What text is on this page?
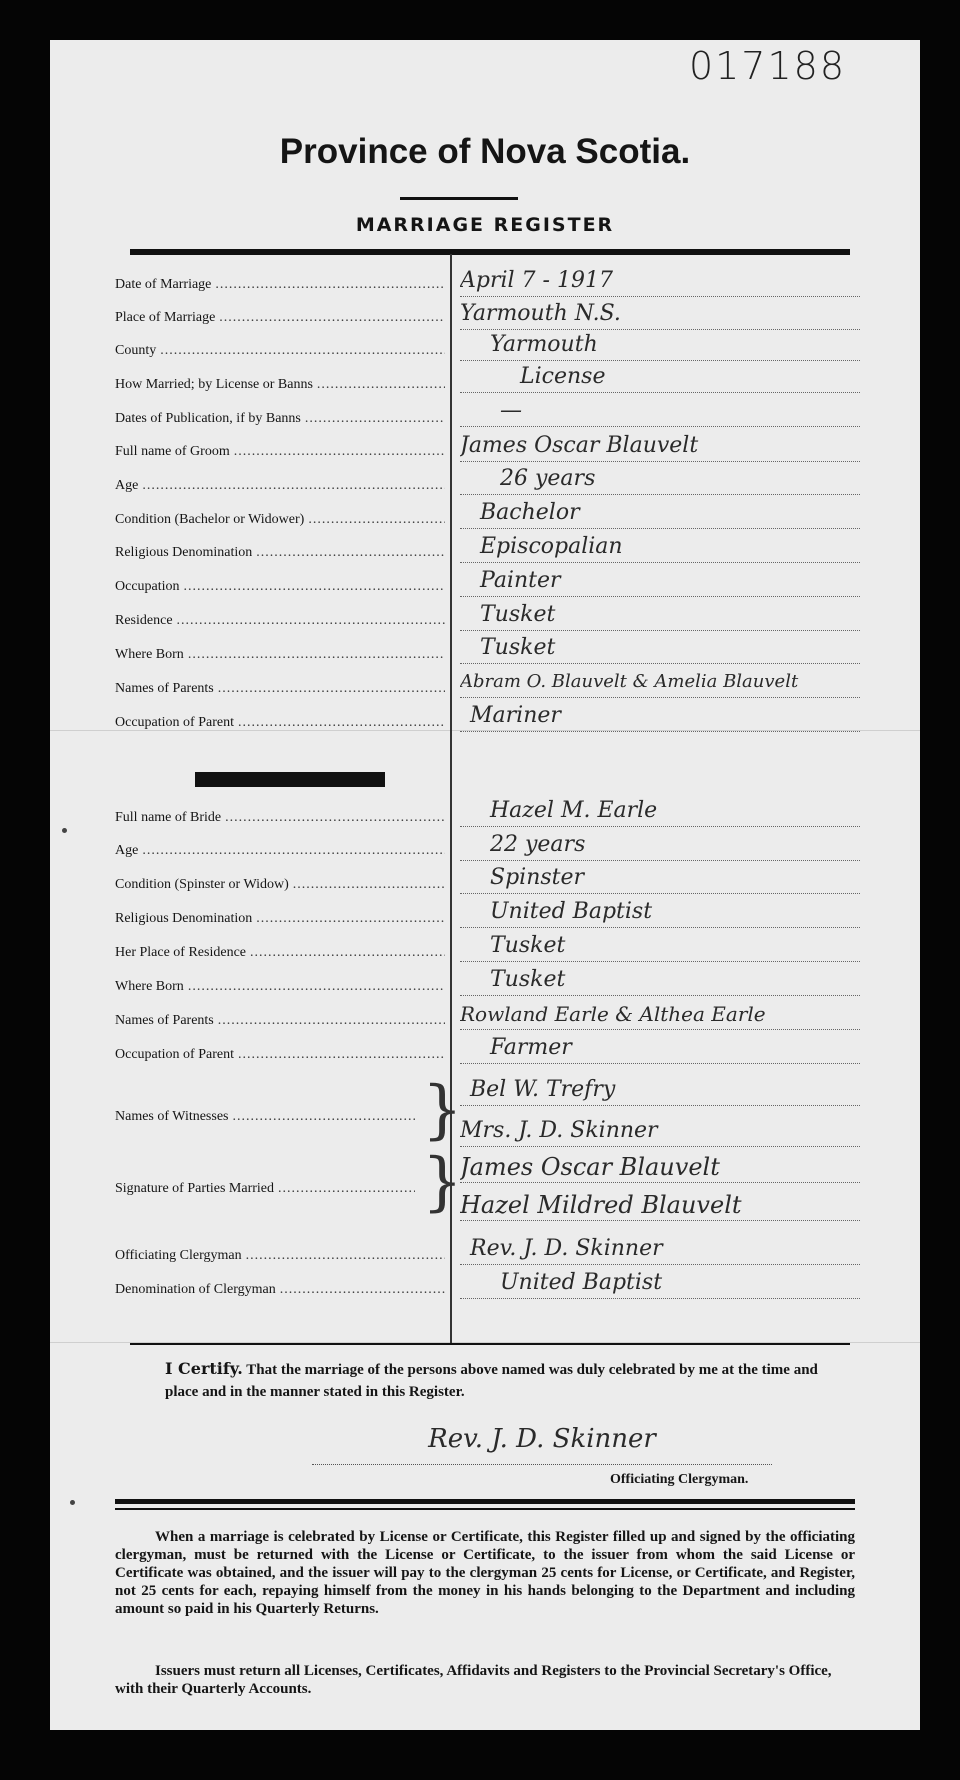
017188
Province of Nova Scotia.
MARRIAGE REGISTER
Date of Marriage .....	April 7 - 1917
Place of Marriage .....	Yarmouth N.S.
County .....	Yarmouth
How Married; by License or Banns .....	License
Dates of Publication, if by Banns .....	—
Full name of Groom .....	James Oscar Blauvelt
Age .....	26 years
Condition (Bachelor or Widower) .....	Bachelor
Religious Denomination .....	Episcopalian
Occupation .....	Painter
Residence .....	Tusket
Where Born .....	Tusket
Names of Parents .....	Abram O. Blauvelt & Amelia Blauvelt
Occupation of Parent .....	Mariner
Full name of Bride .....	Hazel M. Earle
Age .....	22 years
Condition (Spinster or Widow) .....	Spinster
Religious Denomination .....	United Baptist
Her Place of Residence .....	Tusket
Where Born .....	Tusket
Names of Parents .....	Rowland Earle & Althea Earle
Occupation of Parent .....	Farmer
Names of Witnesses .....	} Bel W. Trefry
Mrs. J. D. Skinner
Signature of Parties Married ..... }
James Oscar Blauvelt
Hazel Mildred Blauvelt
Officiating Clergyman .....	Rev. J. D. Skinner
Denomination of Clergyman .....	United Baptist
I Certify. That the marriage of the persons above named was duly celebrated by me at the time and place and in the manner stated in this Register.
Rev. J. D. Skinner
Officiating Clergyman.
When a marriage is celebrated by License or Certificate, this Register filled up and signed by the officiating clergyman, must be returned with the License or Certificate, to the issuer from whom the said License or Certificate was obtained, and the issuer will pay to the clergyman 25 cents for License, or Certificate, and Register, not 25 cents for each, repaying himself from the money in his hands belonging to the Department and including amount so paid in his Quarterly Returns.
Issuers must return all Licenses, Certificates, Affidavits and Registers to the Provincial Secretary's Office, with their Quarterly Accounts.
